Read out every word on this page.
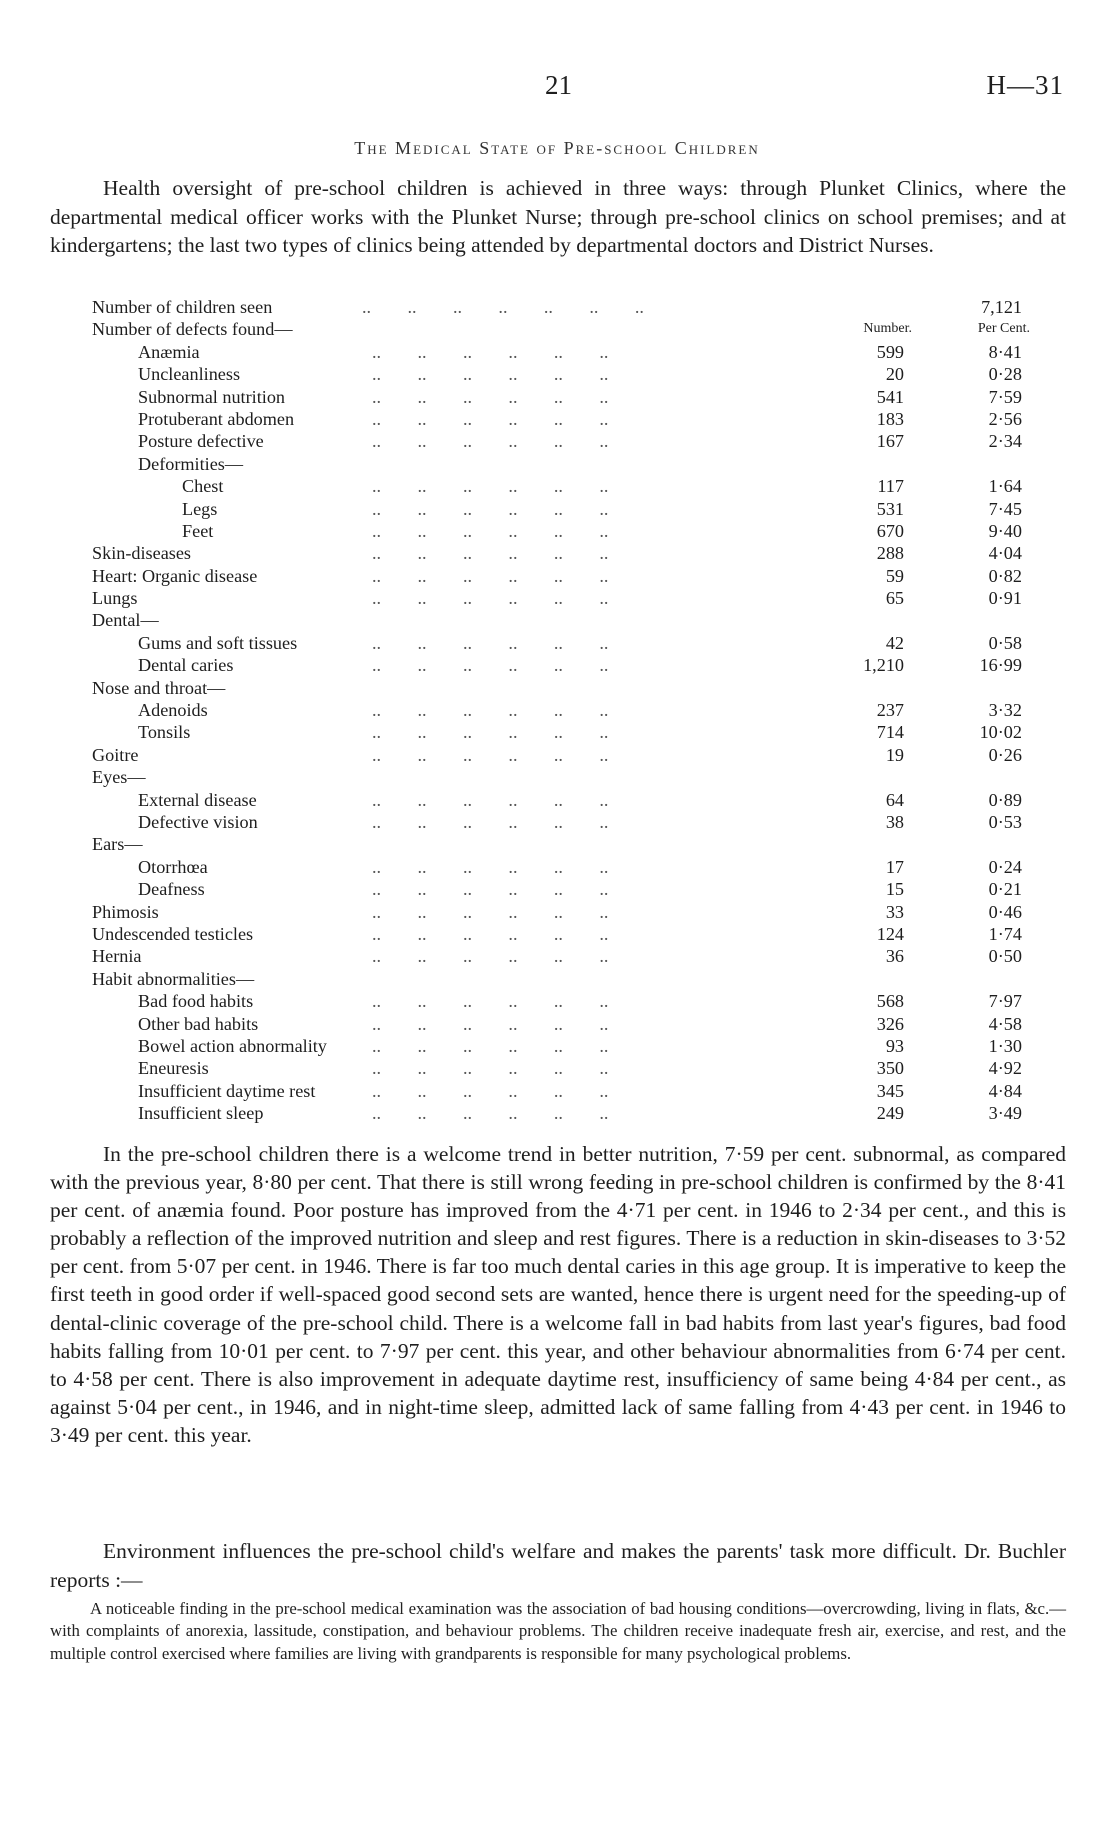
21	H—31
The Medical State of Pre-school Children

Health oversight of pre-school children is achieved in three ways: through Plunket Clinics, where the departmental medical officer works with the Plunket Nurse; through pre-school clinics on school premises; and at kindergartens; the last two types of clinics being attended by departmental doctors and District Nurses.

Number of children seen	..        ..        ..        ..        ..        ..        ..	7,121
Number of defects found—	Number.	Per Cent.
Anæmia	..        ..        ..        ..        ..        ..	599	8·41
Uncleanliness	..        ..        ..        ..        ..        ..	20	0·28
Subnormal nutrition	..        ..        ..        ..        ..        ..	541	7·59
Protuberant abdomen	..        ..        ..        ..        ..        ..	183	2·56
Posture defective	..        ..        ..        ..        ..        ..	167	2·34
Deformities—
Chest	..        ..        ..        ..        ..        ..	117	1·64
Legs	..        ..        ..        ..        ..        ..	531	7·45
Feet	..        ..        ..        ..        ..        ..	670	9·40
Skin-diseases	..        ..        ..        ..        ..        ..	288	4·04
Heart: Organic disease	..        ..        ..        ..        ..        ..	59	0·82
Lungs	..        ..        ..        ..        ..        ..	65	0·91
Dental—
Gums and soft tissues	..        ..        ..        ..        ..        ..	42	0·58
Dental caries	..        ..        ..        ..        ..        ..	1,210	16·99
Nose and throat—
Adenoids	..        ..        ..        ..        ..        ..	237	3·32
Tonsils	..        ..        ..        ..        ..        ..	714	10·02
Goitre	..        ..        ..        ..        ..        ..	19	0·26
Eyes—
External disease	..        ..        ..        ..        ..        ..	64	0·89
Defective vision	..        ..        ..        ..        ..        ..	38	0·53
Ears—
Otorrhœa	..        ..        ..        ..        ..        ..	17	0·24
Deafness	..        ..        ..        ..        ..        ..	15	0·21
Phimosis	..        ..        ..        ..        ..        ..	33	0·46
Undescended testicles	..        ..        ..        ..        ..        ..	124	1·74
Hernia	..        ..        ..        ..        ..        ..	36	0·50
Habit abnormalities—
Bad food habits	..        ..        ..        ..        ..        ..	568	7·97
Other bad habits	..        ..        ..        ..        ..        ..	326	4·58
Bowel action abnormality ..        ..        ..        ..        ..        ..	93	1·30
Eneuresis	..        ..        ..        ..        ..        ..	350	4·92
Insufficient daytime rest	..        ..        ..        ..        ..        ..	345	4·84
Insufficient sleep	..        ..        ..        ..        ..        ..	249	3·49

In the pre-school children there is a welcome trend in better nutrition, 7·59 per cent. subnormal, as compared with the previous year, 8·80 per cent. That there is still wrong feeding in pre-school children is confirmed by the 8·41 per cent. of anæmia found. Poor posture has improved from the 4·71 per cent. in 1946 to 2·34 per cent., and this is probably a reflection of the improved nutrition and sleep and rest figures. There is a reduction in skin-diseases to 3·52 per cent. from 5·07 per cent. in 1946. There is far too much dental caries in this age group. It is imperative to keep the first teeth in good order if well-spaced good second sets are wanted, hence there is urgent need for the speeding-up of dental-clinic coverage of the pre-school child. There is a welcome fall in bad habits from last year's figures, bad food habits falling from 10·01 per cent. to 7·97 per cent. this year, and other behaviour abnormalities from 6·74 per cent. to 4·58 per cent. There is also improvement in adequate daytime rest, insufficiency of same being 4·84 per cent., as against 5·04 per cent., in 1946, and in night-time sleep, admitted lack of same falling from 4·43 per cent. in 1946 to 3·49 per cent. this year.

Environment influences the pre-school child's welfare and makes the parents' task more difficult. Dr. Buchler reports :—

A noticeable finding in the pre-school medical examination was the association of bad housing conditions—overcrowding, living in flats, &c.—with complaints of anorexia, lassitude, constipation, and behaviour problems. The children receive inadequate fresh air, exercise, and rest, and the multiple control exercised where families are living with grandparents is responsible for many psychological problems.
